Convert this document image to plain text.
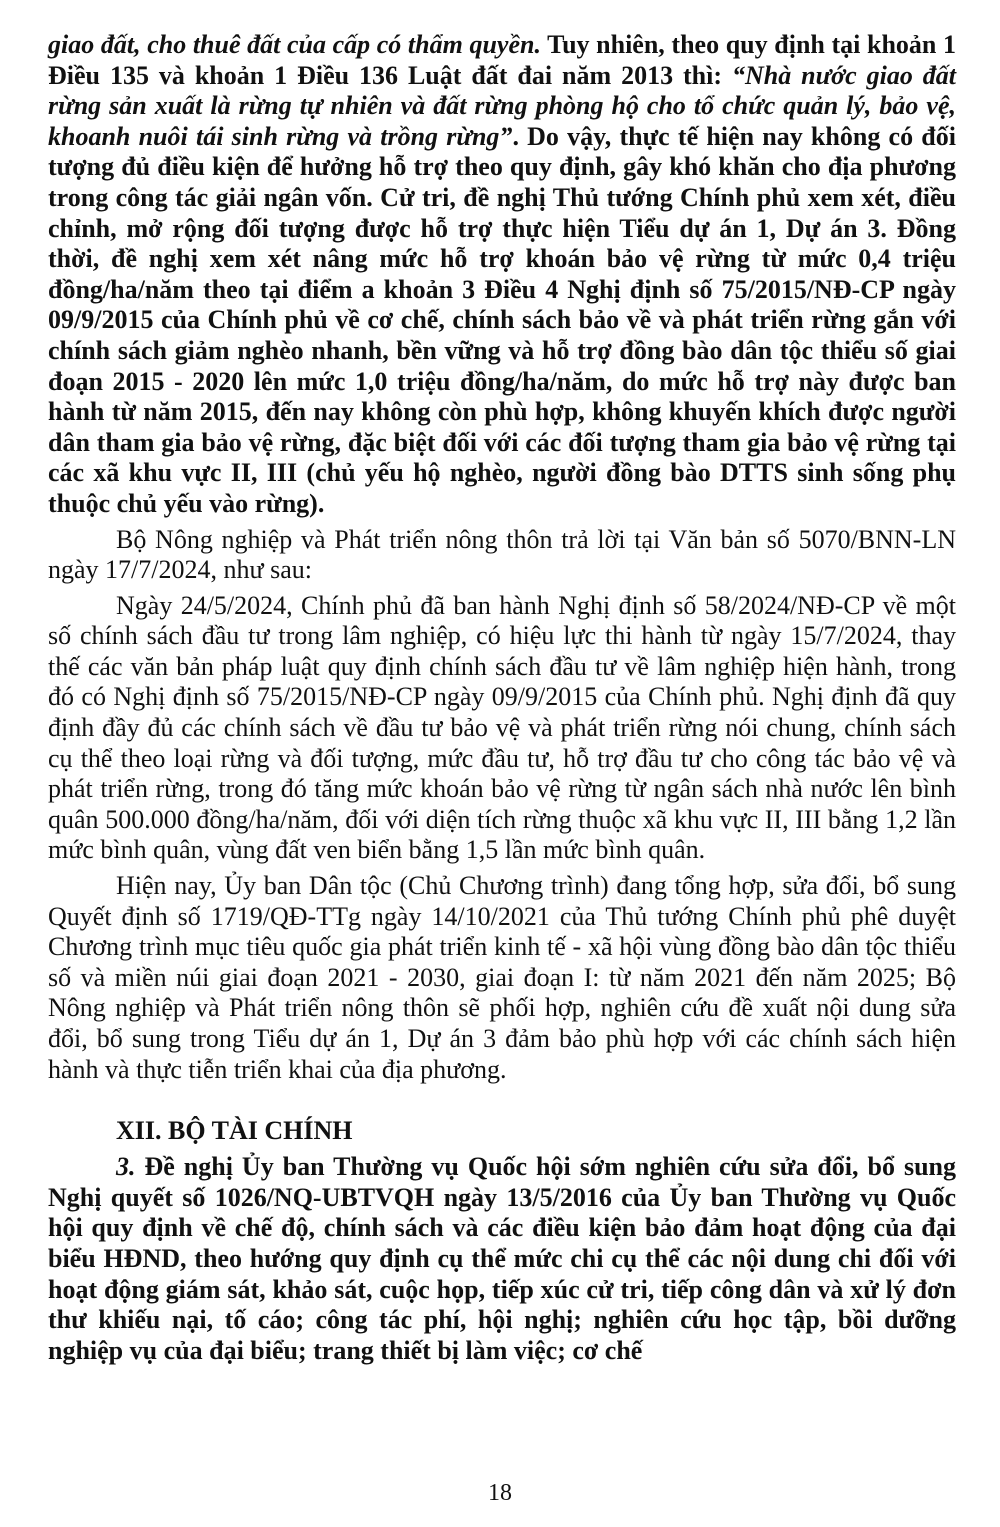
giao đất, cho thuê đất của cấp có thẩm quyền. Tuy nhiên, theo quy định tại khoản 1 Điều 135 và khoản 1 Điều 136 Luật đất đai năm 2013 thì: “Nhà nước giao đất rừng sản xuất là rừng tự nhiên và đất rừng phòng hộ cho tổ chức quản lý, bảo vệ, khoanh nuôi tái sinh rừng và trồng rừng”. Do vậy, thực tế hiện nay không có đối tượng đủ điều kiện để hưởng hỗ trợ theo quy định, gây khó khăn cho địa phương trong công tác giải ngân vốn. Cử tri, đề nghị Thủ tướng Chính phủ xem xét, điều chỉnh, mở rộng đối tượng được hỗ trợ thực hiện Tiểu dự án 1, Dự án 3. Đồng thời, đề nghị xem xét nâng mức hỗ trợ khoán bảo vệ rừng từ mức 0,4 triệu đồng/ha/năm theo tại điểm a khoản 3 Điều 4 Nghị định số 75/2015/NĐ-CP ngày 09/9/2015 của Chính phủ về cơ chế, chính sách bảo về và phát triển rừng gắn với chính sách giảm nghèo nhanh, bền vững và hỗ trợ đồng bào dân tộc thiểu số giai đoạn 2015 - 2020 lên mức 1,0 triệu đồng/ha/năm, do mức hỗ trợ này được ban hành từ năm 2015, đến nay không còn phù hợp, không khuyến khích được người dân tham gia bảo vệ rừng, đặc biệt đối với các đối tượng tham gia bảo vệ rừng tại các xã khu vực II, III (chủ yếu hộ nghèo, người đồng bào DTTS sinh sống phụ thuộc chủ yếu vào rừng).

Bộ Nông nghiệp và Phát triển nông thôn trả lời tại Văn bản số 5070/BNN-LN ngày 17/7/2024, như sau:

Ngày 24/5/2024, Chính phủ đã ban hành Nghị định số 58/2024/NĐ-CP về một số chính sách đầu tư trong lâm nghiệp, có hiệu lực thi hành từ ngày 15/7/2024, thay thế các văn bản pháp luật quy định chính sách đầu tư về lâm nghiệp hiện hành, trong đó có Nghị định số 75/2015/NĐ-CP ngày 09/9/2015 của Chính phủ. Nghị định đã quy định đầy đủ các chính sách về đầu tư bảo vệ và phát triển rừng nói chung, chính sách cụ thể theo loại rừng và đối tượng, mức đầu tư, hỗ trợ đầu tư cho công tác bảo vệ và phát triển rừng, trong đó tăng mức khoán bảo vệ rừng từ ngân sách nhà nước lên bình quân 500.000 đồng/ha/năm, đối với diện tích rừng thuộc xã khu vực II, III bằng 1,2 lần mức bình quân, vùng đất ven biển bằng 1,5 lần mức bình quân.

Hiện nay, Ủy ban Dân tộc (Chủ Chương trình) đang tổng hợp, sửa đổi, bổ sung Quyết định số 1719/QĐ-TTg ngày 14/10/2021 của Thủ tướng Chính phủ phê duyệt Chương trình mục tiêu quốc gia phát triển kinh tế - xã hội vùng đồng bào dân tộc thiểu số và miền núi giai đoạn 2021 - 2030, giai đoạn I: từ năm 2021 đến năm 2025; Bộ Nông nghiệp và Phát triển nông thôn sẽ phối hợp, nghiên cứu đề xuất nội dung sửa đổi, bổ sung trong Tiểu dự án 1, Dự án 3 đảm bảo phù hợp với các chính sách hiện hành và thực tiễn triển khai của địa phương.

XII. BỘ TÀI CHÍNH

3. Đề nghị Ủy ban Thường vụ Quốc hội sớm nghiên cứu sửa đổi, bổ sung Nghị quyết số 1026/NQ-UBTVQH ngày 13/5/2016 của Ủy ban Thường vụ Quốc hội quy định về chế độ, chính sách và các điều kiện bảo đảm hoạt động của đại biểu HĐND, theo hướng quy định cụ thể mức chi cụ thể các nội dung chi đối với hoạt động giám sát, khảo sát, cuộc họp, tiếp xúc cử tri, tiếp công dân và xử lý đơn thư khiếu nại, tố cáo; công tác phí, hội nghị; nghiên cứu học tập, bồi dưỡng nghiệp vụ của đại biểu; trang thiết bị làm việc; cơ chế

18
